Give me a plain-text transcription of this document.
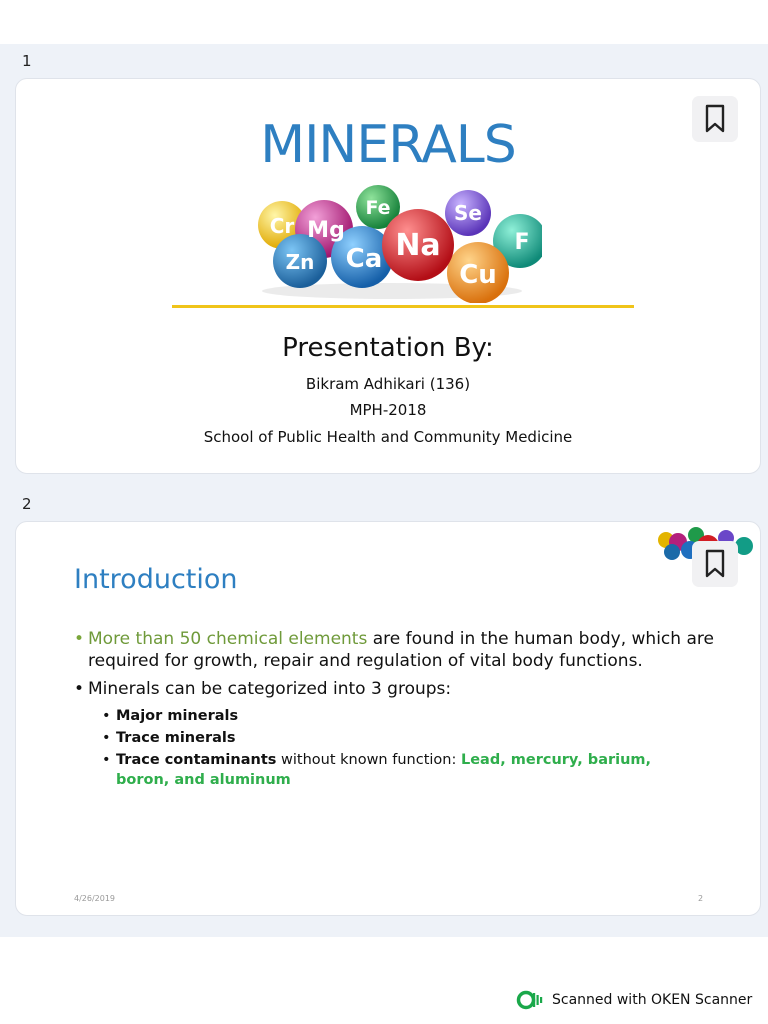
1
MINERALS
Cr Mg
Fe	Se
Zn Ca Na	F
Cu
Presentation By:
Bikram Adhikari (136)
MPH-2018
School of Public Health and Community Medicine
2
Introduction
• More than 50 chemical elements are found in the human body, which are required for growth, repair and regulation of vital body functions.
• Minerals can be categorized into 3 groups:
• Major minerals
• Trace minerals
• Trace contaminants without known function: Lead, mercury, barium, boron, and aluminum
4/26/2019	2
Scanned with OKEN Scanner
